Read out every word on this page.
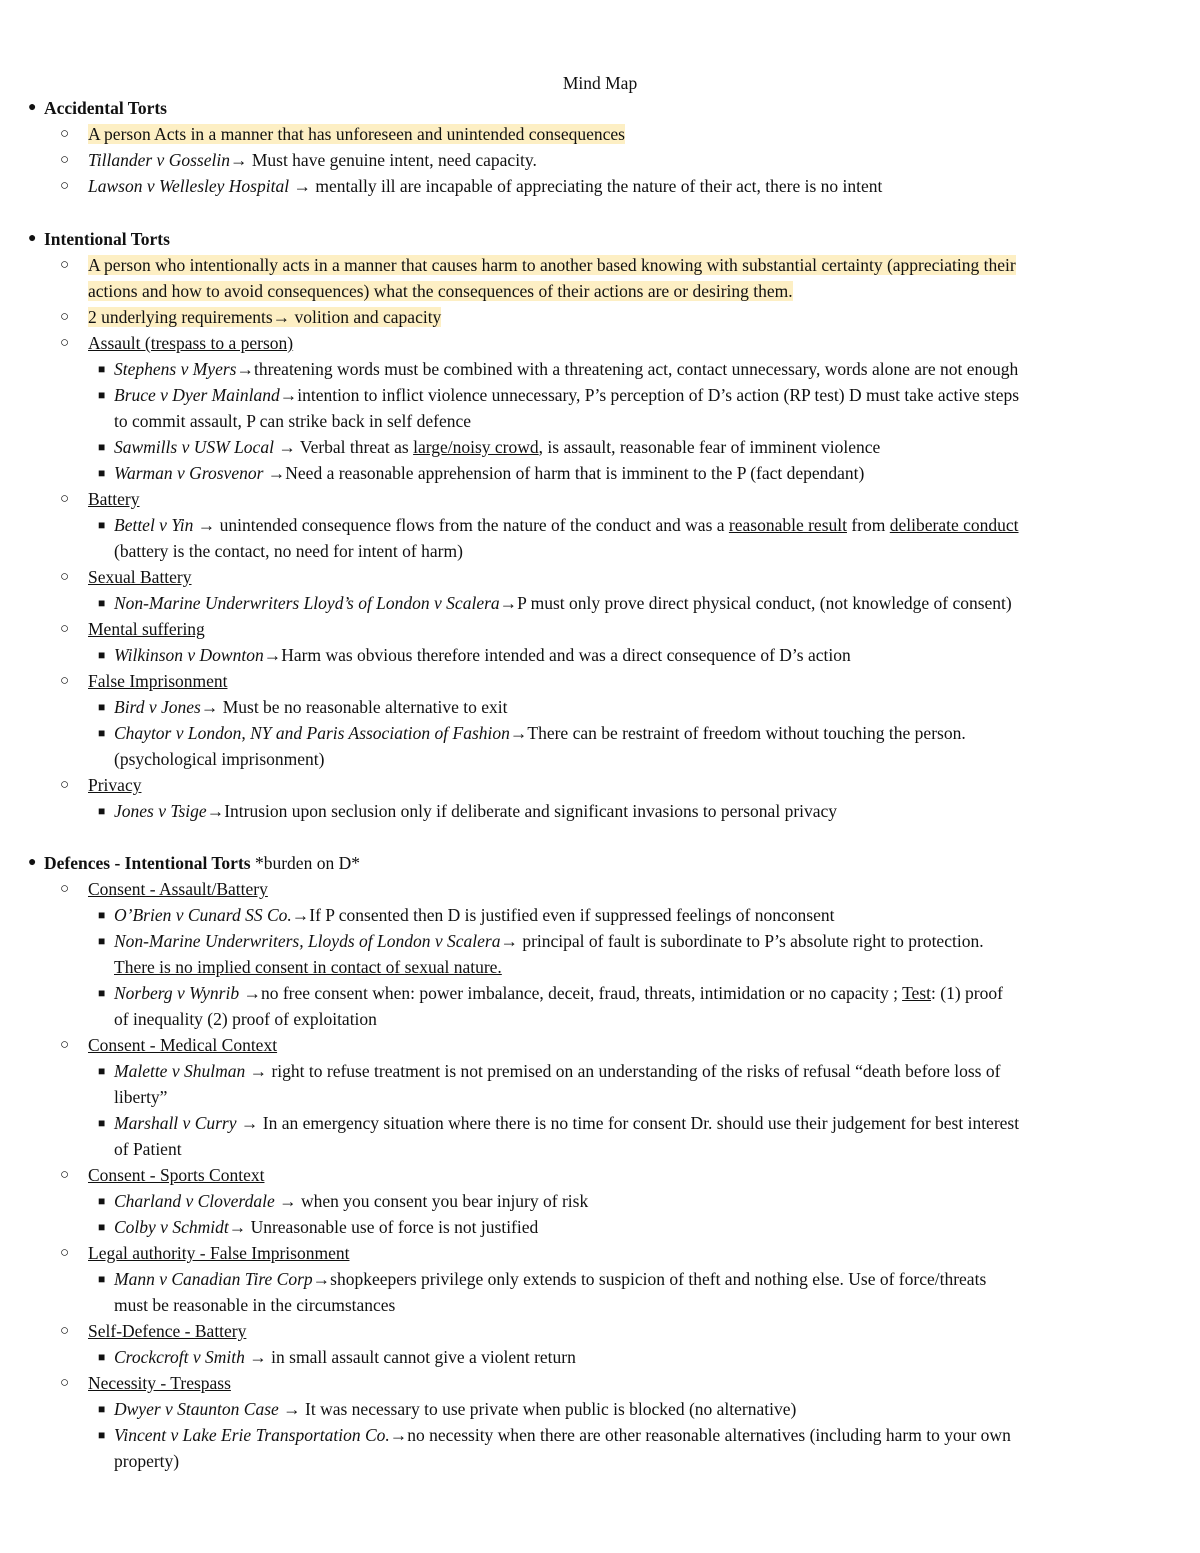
Mind Map
● Accidental Torts
○ A person Acts in a manner that has unforeseen and unintended consequences
○ Tillander v Gosselin→ Must have genuine intent, need capacity.
○ Lawson v Wellesley Hospital → mentally ill are incapable of appreciating the nature of their act, there is no intent
● Intentional Torts
○ A person who intentionally acts in a manner that causes harm to another based knowing with substantial certainty (appreciating their
actions and how to avoid consequences) what the consequences of their actions are or desiring them.
○ 2 underlying requirements→ volition and capacity
○ Assault (trespass to a person)
■ Stephens v Myers→threatening words must be combined with a threatening act, contact unnecessary, words alone are not enough
■ Bruce v Dyer Mainland→intention to inflict violence unnecessary, P’s perception of D’s action (RP test) D must take active steps
to commit assault, P can strike back in self defence
■ Sawmills v USW Local → Verbal threat as large/noisy crowd, is assault, reasonable fear of imminent violence
■ Warman v Grosvenor →Need a reasonable apprehension of harm that is imminent to the P (fact dependant)
○ Battery
■ Bettel v Yin → unintended consequence flows from the nature of the conduct and was a reasonable result from deliberate conduct
(battery is the contact, no need for intent of harm)
○ Sexual Battery
■ Non-Marine Underwriters Lloyd’s of London v Scalera→P must only prove direct physical conduct, (not knowledge of consent)
○ Mental suffering
■ Wilkinson v Downton→Harm was obvious therefore intended and was a direct consequence of D’s action
○ False Imprisonment
■ Bird v Jones→ Must be no reasonable alternative to exit
■ Chaytor v London, NY and Paris Association of Fashion→There can be restraint of freedom without touching the person.
(psychological imprisonment)
○ Privacy
■ Jones v Tsige→Intrusion upon seclusion only if deliberate and significant invasions to personal privacy
● Defences - Intentional Torts *burden on D*
○ Consent - Assault/Battery
■ O’Brien v Cunard SS Co.→If P consented then D is justified even if suppressed feelings of nonconsent
■ Non-Marine Underwriters, Lloyds of London v Scalera→ principal of fault is subordinate to P’s absolute right to protection.
There is no implied consent in contact of sexual nature.
■ Norberg v Wynrib →no free consent when: power imbalance, deceit, fraud, threats, intimidation or no capacity ; Test: (1) proof
of inequality (2) proof of exploitation
○ Consent - Medical Context
■ Malette v Shulman → right to refuse treatment is not premised on an understanding of the risks of refusal “death before loss of
liberty”
■ Marshall v Curry → In an emergency situation where there is no time for consent Dr. should use their judgement for best interest
of Patient
○ Consent - Sports Context
■ Charland v Cloverdale → when you consent you bear injury of risk
■ Colby v Schmidt→ Unreasonable use of force is not justified
○ Legal authority - False Imprisonment
■ Mann v Canadian Tire Corp→shopkeepers privilege only extends to suspicion of theft and nothing else. Use of force/threats
must be reasonable in the circumstances
○ Self-Defence - Battery
■ Crockcroft v Smith → in small assault cannot give a violent return
○ Necessity - Trespass
■ Dwyer v Staunton Case → It was necessary to use private when public is blocked (no alternative)
■ Vincent v Lake Erie Transportation Co.→no necessity when there are other reasonable alternatives (including harm to your own
property)
